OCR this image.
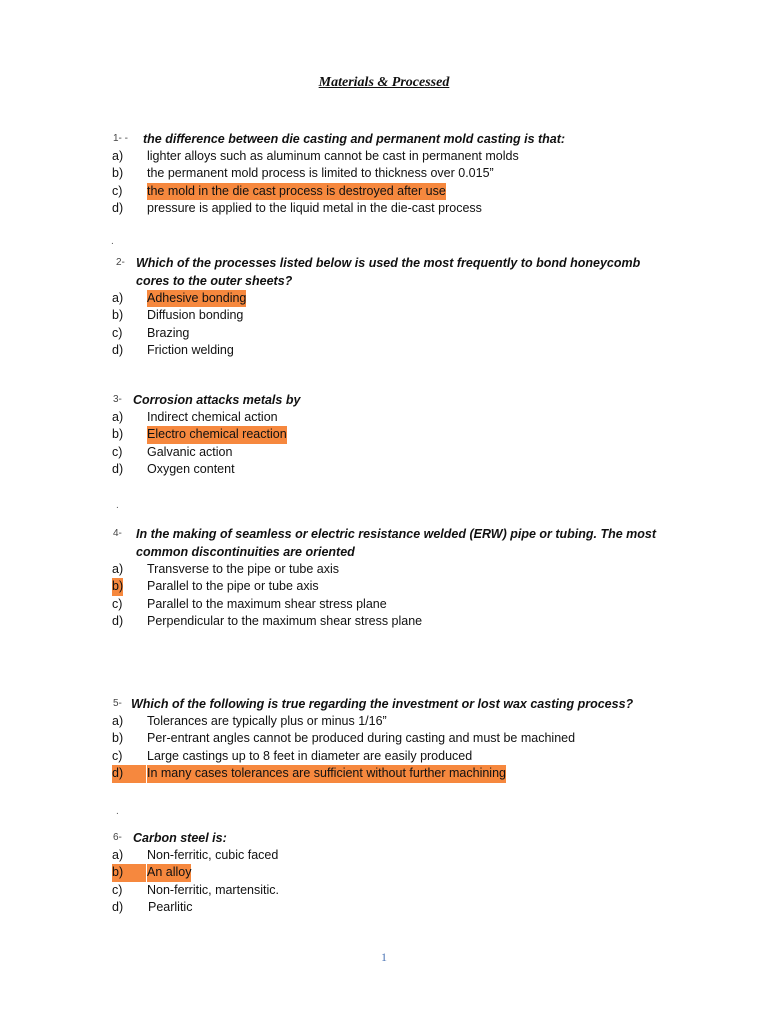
Materials & Processed
1- - the difference between die casting and permanent mold casting is that:
a) lighter alloys such as aluminum cannot be cast in permanent molds
b) the permanent mold process is limited to thickness over 0.015”
c) the mold in the die cast process is destroyed after use
d) pressure is applied to the liquid metal in the die-cast process
.
2- Which of the processes listed below is used the most frequently to bond honeycomb cores to the outer sheets?
a) Adhesive bonding
b) Diffusion bonding
c) Brazing
d) Friction welding
3- Corrosion attacks metals by
a) Indirect chemical action
b) Electro chemical reaction
c) Galvanic action
d) Oxygen content
.
4- In the making of seamless or electric resistance welded (ERW) pipe or tubing. The most common discontinuities are oriented
a) Transverse to the pipe or tube axis
b) Parallel to the pipe or tube axis
c) Parallel to the maximum shear stress plane
d) Perpendicular to the maximum shear stress plane
5- Which of the following is true regarding the investment or lost wax casting process?
a) Tolerances are typically plus or minus 1/16”
b) Per-entrant angles cannot be produced during casting and must be machined
c) Large castings up to 8 feet in diameter are easily produced
d)	In many cases tolerances are sufficient without further machining
.
6- Carbon steel is:
a) Non-ferritic, cubic faced
b)	An alloy
c) Non-ferritic, martensitic.
d) Pearlitic
1
